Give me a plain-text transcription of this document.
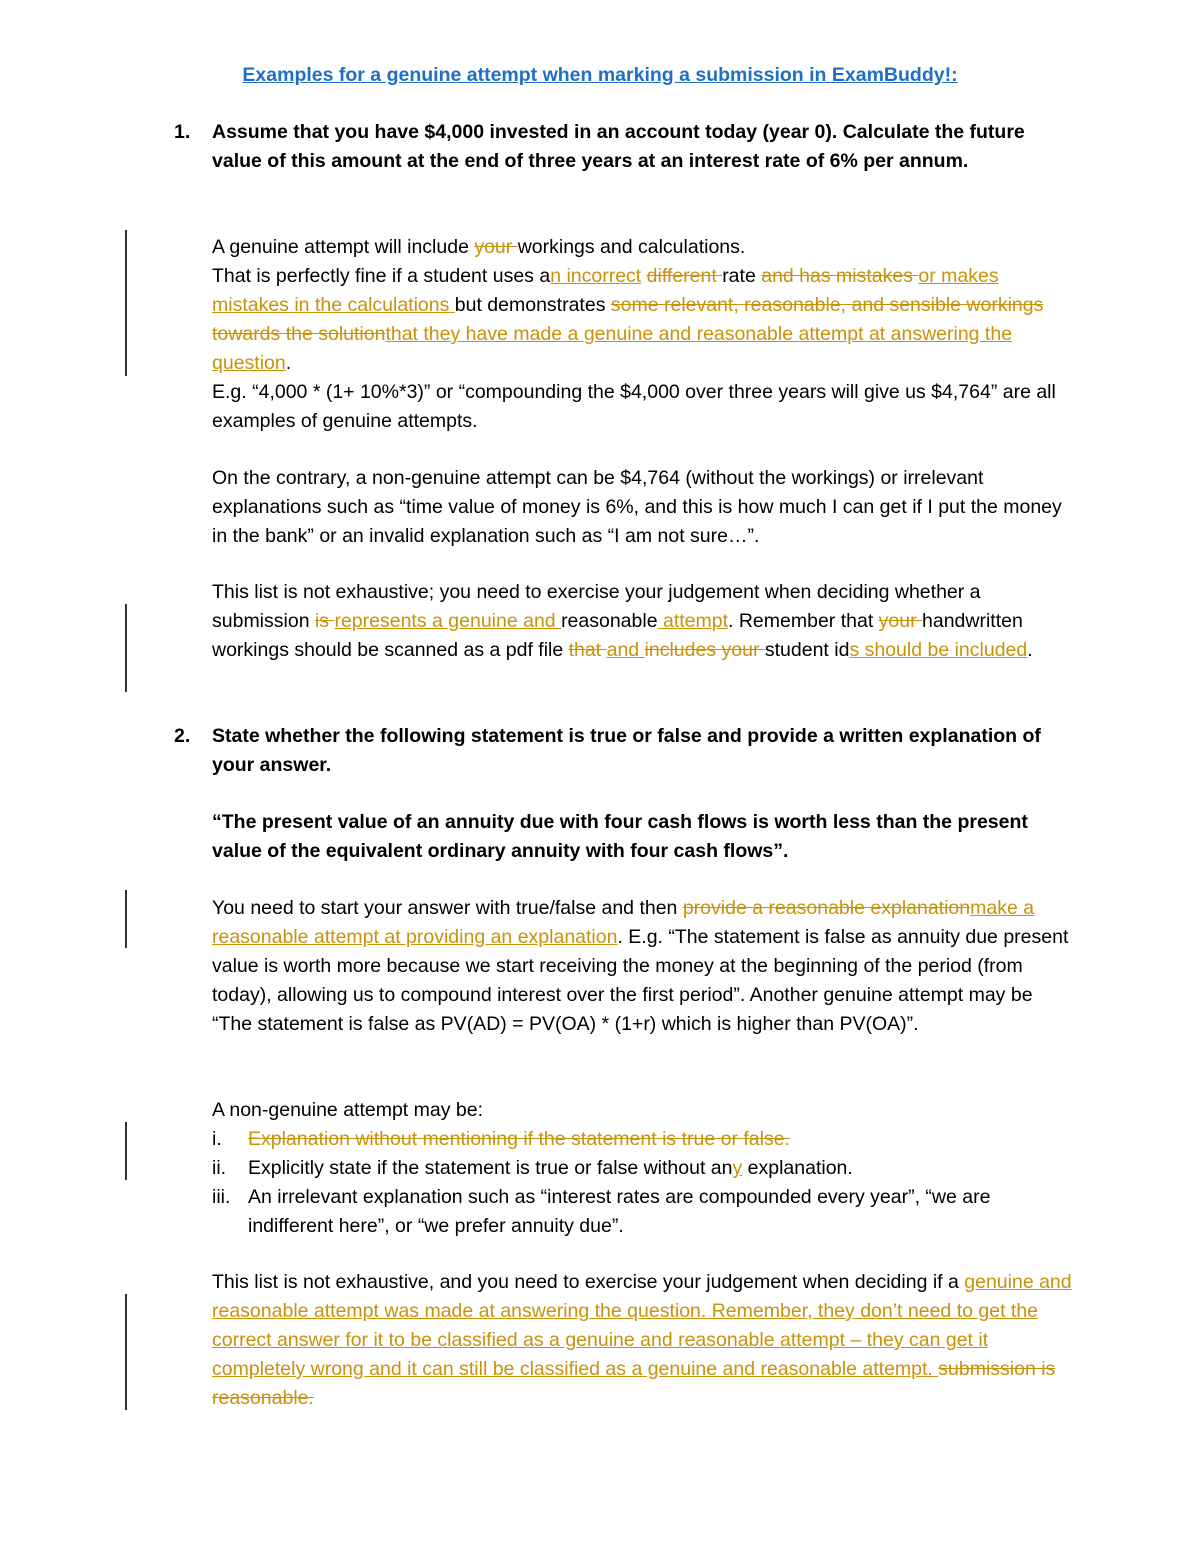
Examples for a genuine attempt when marking a submission in ExamBuddy!:
1. Assume that you have $4,000 invested in an account today (year 0). Calculate the future value of this amount at the end of three years at an interest rate of 6% per annum.

A genuine attempt will include your workings and calculations.

That is perfectly fine if a student uses an incorrect different rate and has mistakes or makes mistakes in the calculations but demonstrates some relevant, reasonable, and sensible workings towards the solutionthat they have made a genuine and reasonable attempt at answering the question.

E.g. “4,000 * (1+ 10%*3)” or “compounding the $4,000 over three years will give us $4,764” are all examples of genuine attempts.

On the contrary, a non-genuine attempt can be $4,764 (without the workings) or irrelevant explanations such as “time value of money is 6%, and this is how much I can get if I put the money in the bank” or an invalid explanation such as “I am not sure…”.
This list is not exhaustive; you need to exercise your judgement when deciding whether a submission is represents a genuine and reasonable attempt. Remember that your handwritten workings should be scanned as a pdf file that and includes your student ids should be included.
2. State whether the following statement is true or false and provide a written explanation of your answer.
“The present value of an annuity due with four cash flows is worth less than the present value of the equivalent ordinary annuity with four cash flows”.
You need to start your answer with true/false and then provide a reasonable explanationmake a reasonable attempt at providing an explanation. E.g. “The statement is false as annuity due present value is worth more because we start receiving the money at the beginning of the period (from today), allowing us to compound interest over the first period”. Another genuine attempt may be “The statement is false as PV(AD) = PV(OA) * (1+r) which is higher than PV(OA)”.
A non-genuine attempt may be:
i. Explanation without mentioning if the statement is true or false.
ii. Explicitly state if the statement is true or false without any explanation.
iii. An irrelevant explanation such as “interest rates are compounded every year”, “we are indifferent here”, or “we prefer annuity due”.
This list is not exhaustive, and you need to exercise your judgement when deciding if a genuine and reasonable attempt was made at answering the question. Remember, they don’t need to get the correct answer for it to be classified as a genuine and reasonable attempt – they can get it completely wrong and it can still be classified as a genuine and reasonable attempt. submission is reasonable.
